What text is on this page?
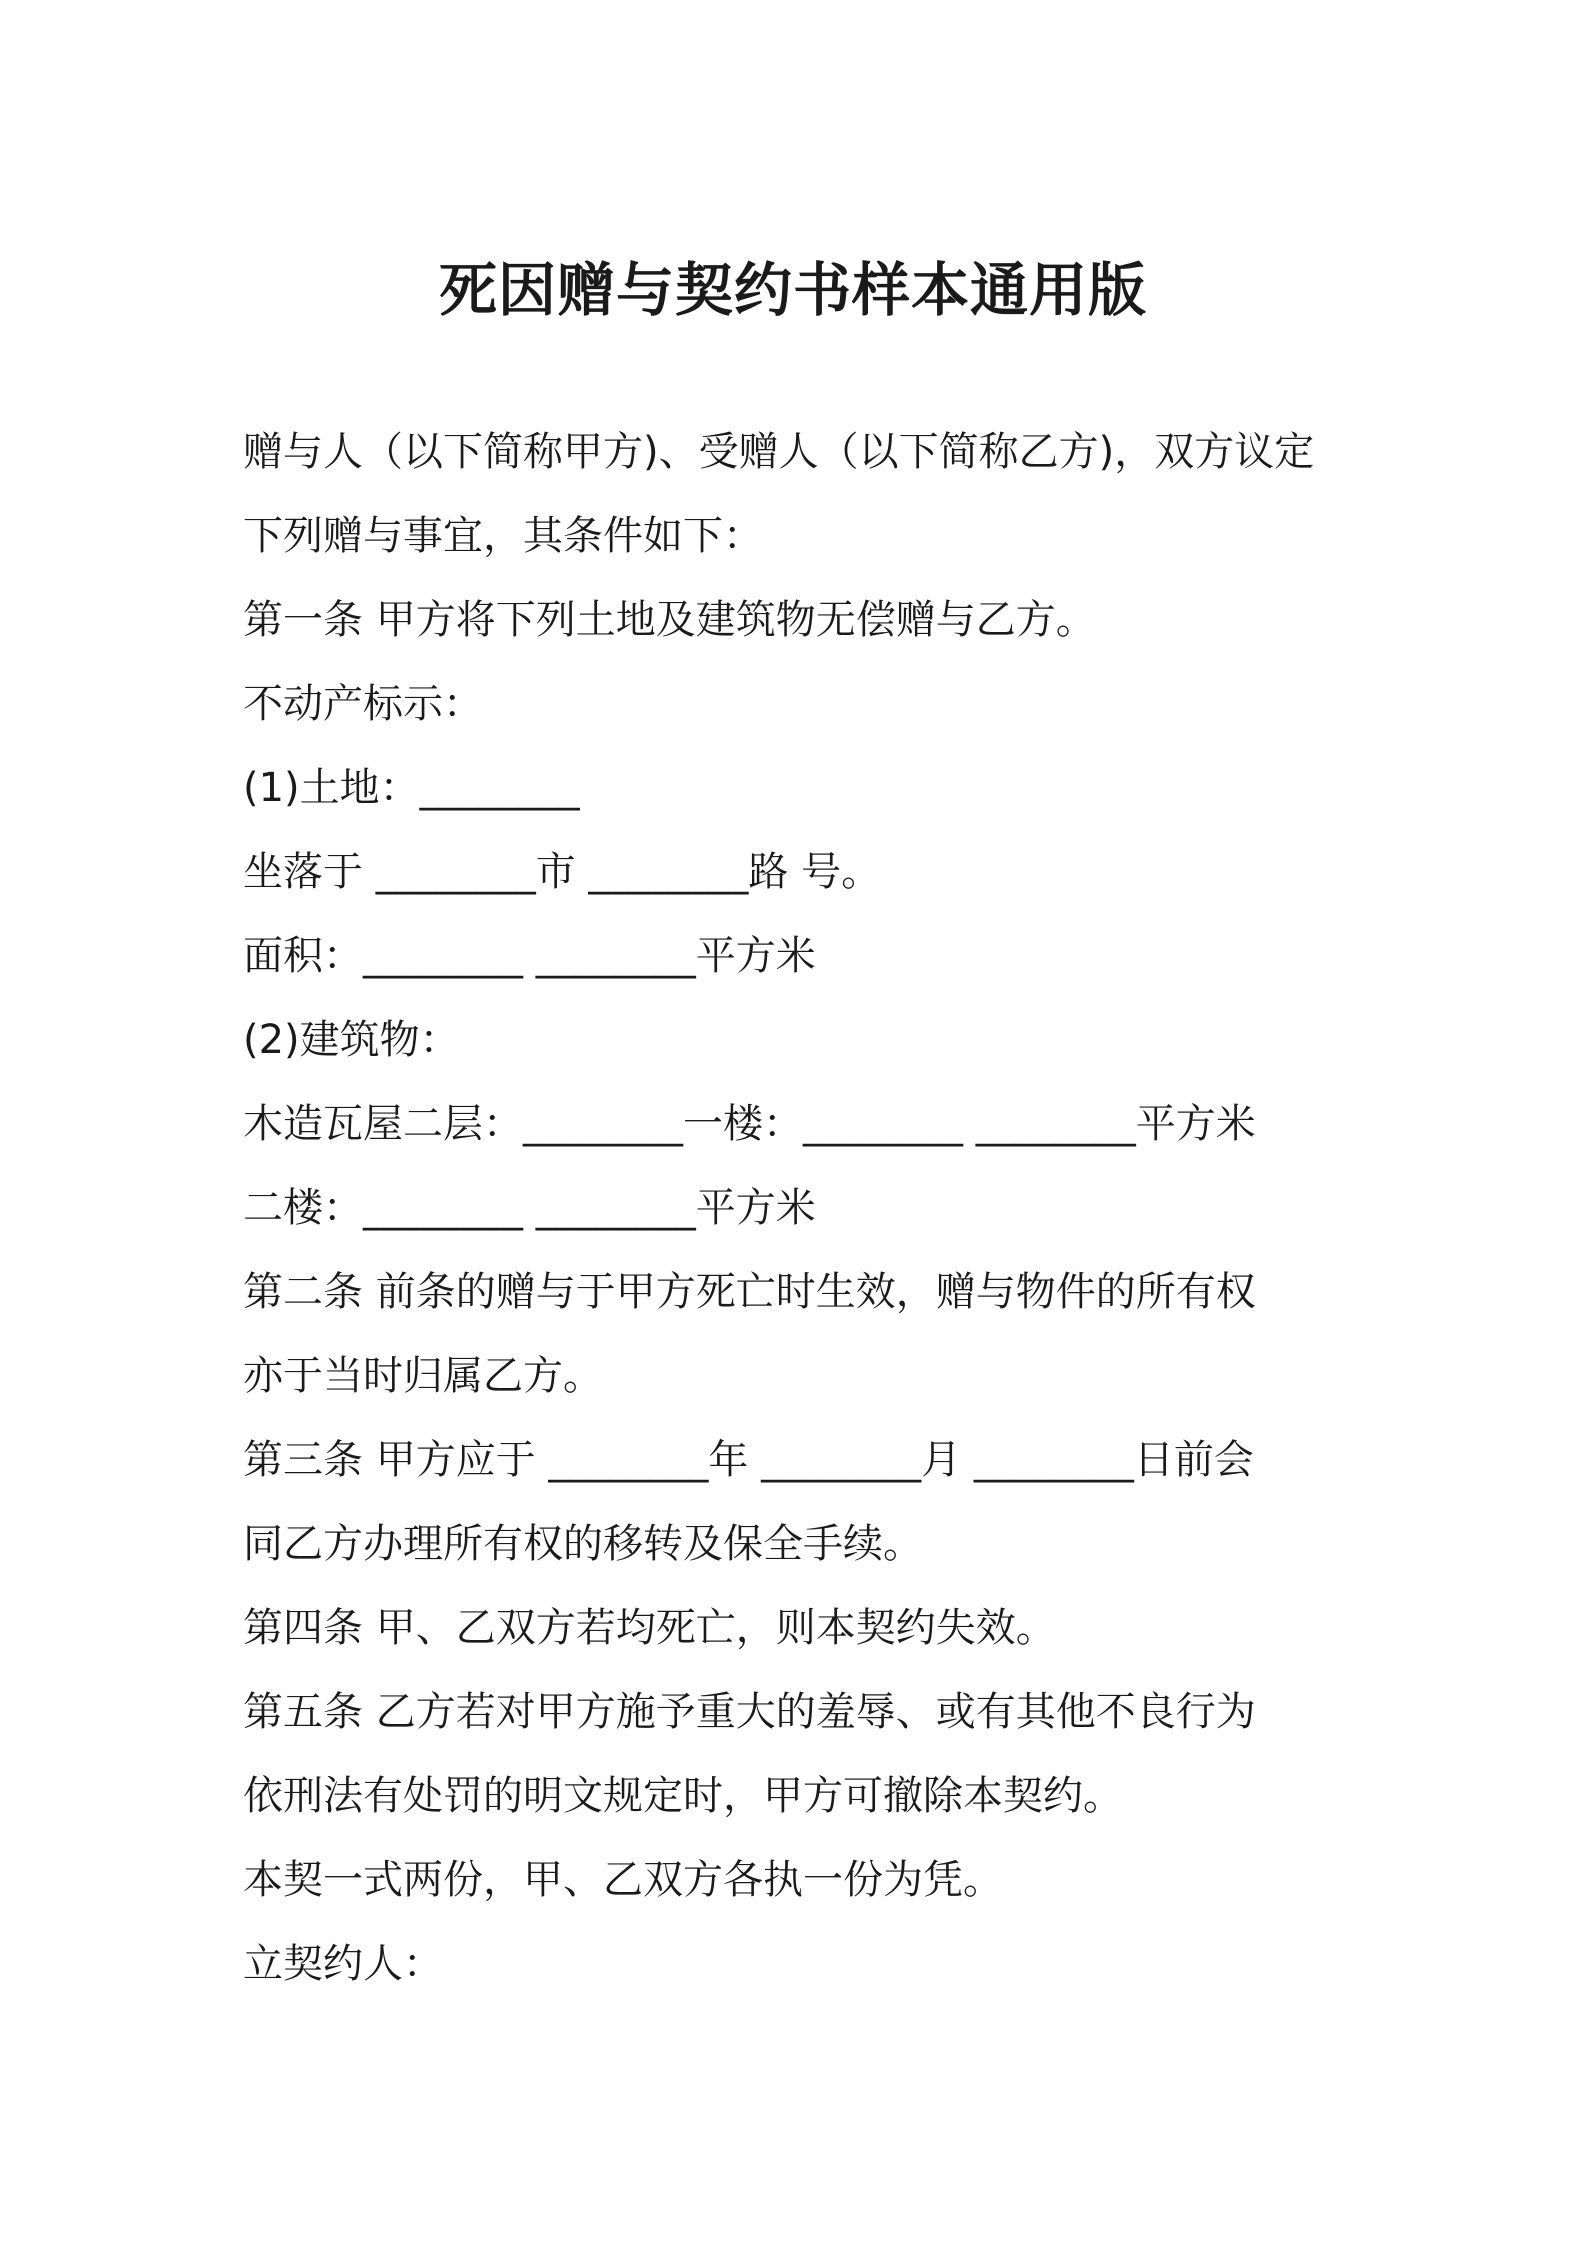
死因赠与契约书样本通用版
赠与人（以下简称甲方)、受赠人（以下简称乙方)，双方议定
下列赠与事宜，其条件如下：
第一条 甲方将下列土地及建筑物无偿赠与乙方。
不动产标示：
(1)土地：________
坐落于 ________市 ________路 号。
面积：________ ________平方米
(2)建筑物：
木造瓦屋二层：________一楼：________ ________平方米
二楼：________ ________平方米
第二条 前条的赠与于甲方死亡时生效，赠与物件的所有权
亦于当时归属乙方。
第三条 甲方应于 ________年 ________月 ________日前会
同乙方办理所有权的移转及保全手续。
第四条 甲、乙双方若均死亡，则本契约失效。
第五条 乙方若对甲方施予重大的羞辱、或有其他不良行为
依刑法有处罚的明文规定时，甲方可撤除本契约。
本契一式两份，甲、乙双方各执一份为凭。
立契约人：
